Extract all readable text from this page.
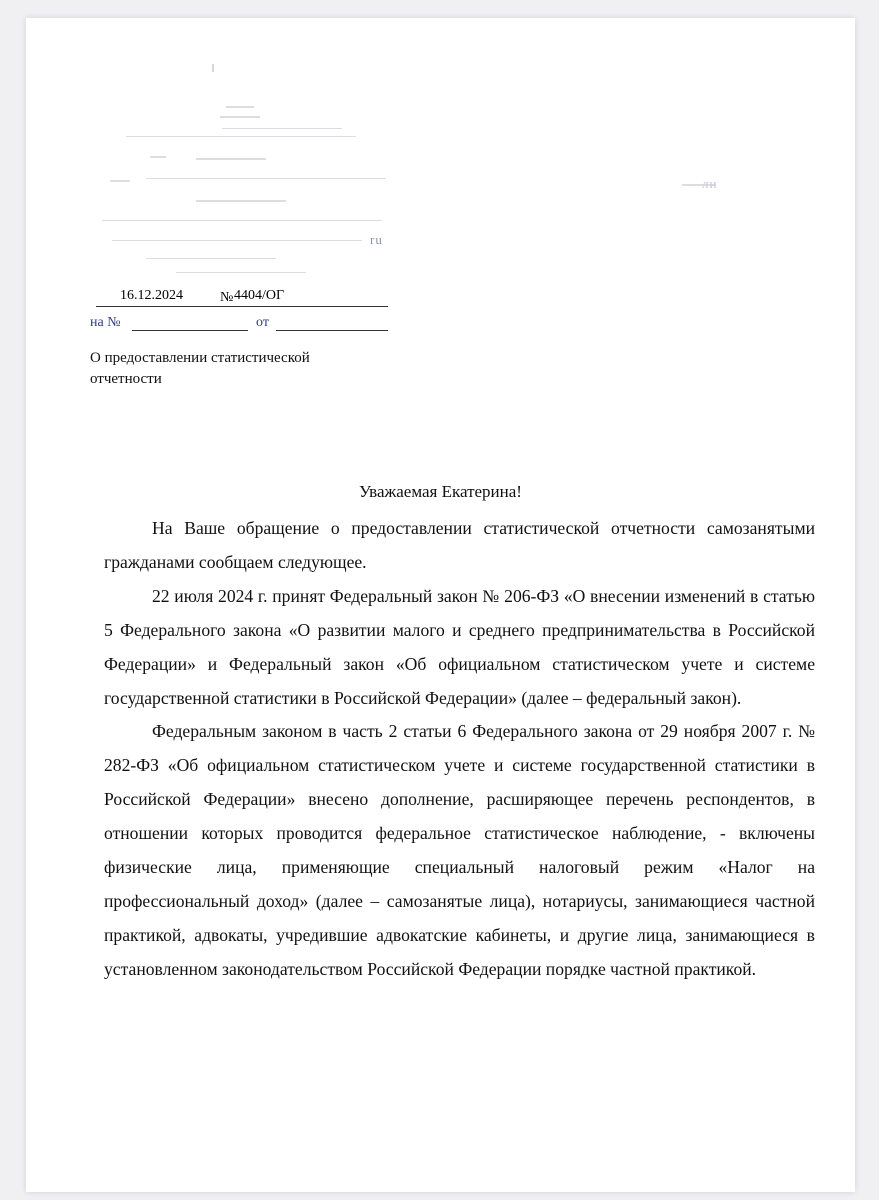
ru
ли
16.12.2024	№ 4404/ОГ
на №	от
О предоставлении статистической отчетности
Уважаемая Екатерина!

На Ваше обращение о предоставлении статистической отчетности самозанятыми гражданами сообщаем следующее.

22 июля 2024 г. принят Федеральный закон № 206-ФЗ «О внесении изменений в статью 5 Федерального закона «О развитии малого и среднего предпринимательства в Российской Федерации» и Федеральный закон «Об официальном статистическом учете и системе государственной статистики в Российской Федерации» (далее – федеральный закон).

Федеральным законом в часть 2 статьи 6 Федерального закона от 29 ноября 2007 г. № 282-ФЗ «Об официальном статистическом учете и системе государственной статистики в Российской Федерации» внесено дополнение, расширяющее перечень респондентов, в отношении которых проводится федеральное статистическое наблюдение, - включены физические лица, применяющие специальный налоговый режим «Налог на профессиональный доход» (далее – самозанятые лица), нотариусы, занимающиеся частной практикой, адвокаты, учредившие адвокатские кабинеты, и другие лица, занимающиеся в установленном законодательством Российской Федерации порядке частной практикой.
